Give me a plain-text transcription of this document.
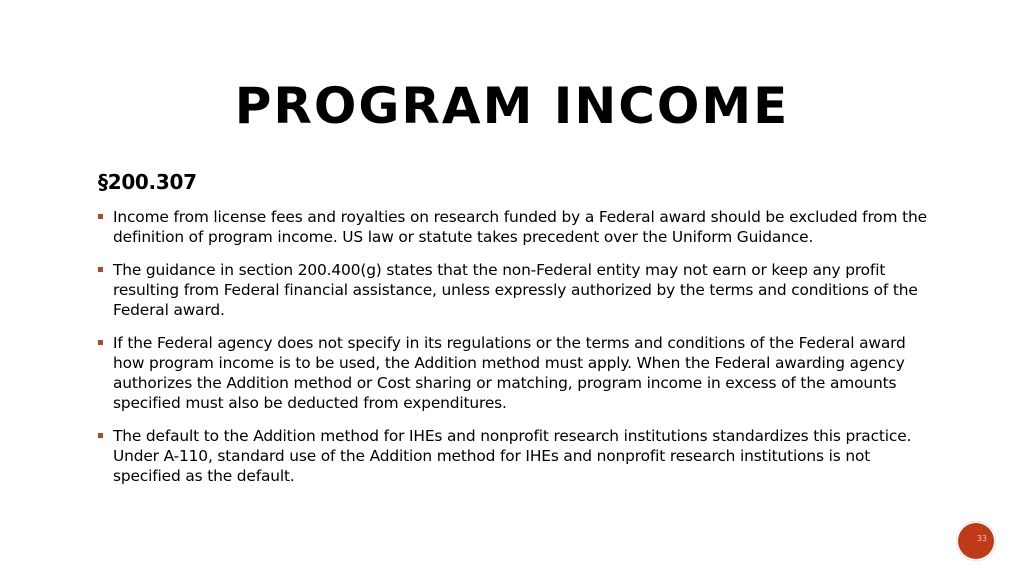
PROGRAM INCOME
§200.307
Income from license fees and royalties on research funded by a Federal award should be excluded from the definition of program income. US law or statute takes precedent over the Uniform Guidance.
The guidance in section 200.400(g) states that the non-Federal entity may not earn or keep any profit resulting from Federal financial assistance, unless expressly authorized by the terms and conditions of the Federal award.
If the Federal agency does not specify in its regulations or the terms and conditions of the Federal award how program income is to be used, the Addition method must apply. When the Federal awarding agency authorizes the Addition method or Cost sharing or matching, program income in excess of the amounts specified must also be deducted from expenditures.
The default to the Addition method for IHEs and nonprofit research institutions standardizes this practice. Under A-110, standard use of the Addition method for IHEs and nonprofit research institutions is not specified as the default.
33
